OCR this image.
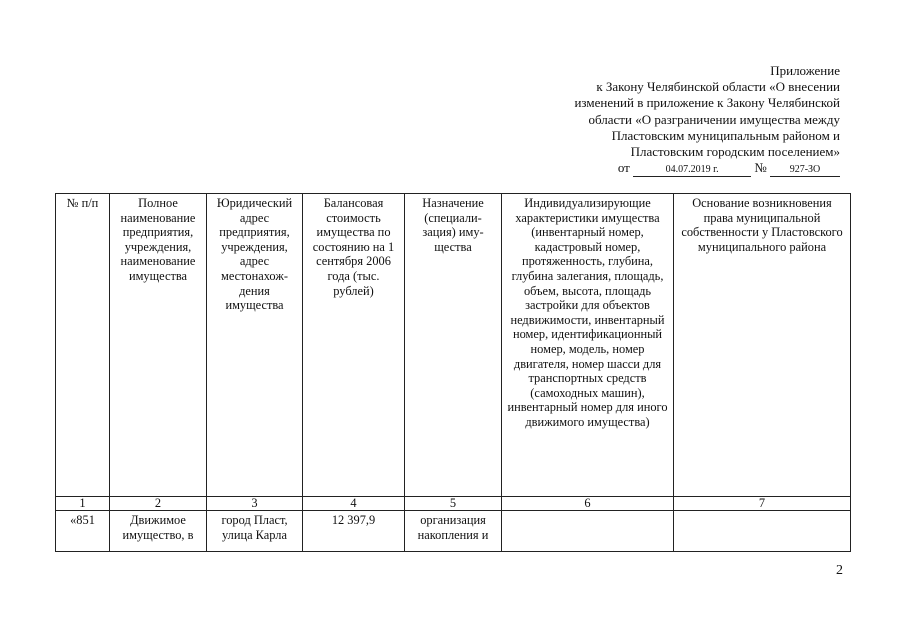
Приложение
к Закону Челябинской области «О внесении
изменений в приложение к Закону Челябинской
области «О разграничении имущества между
Пластовским муниципальным районом и
Пластовским городским поселением»
от	04.07.2019 г.	№ 927-ЗО
№ п/п	Полное наименование предприятия, учреждения, наименование имущества	Юридический адрес предприятия, учреждения, адрес местонахож-дения имущества	Балансовая стоимость имущества по состоянию на 1 сентября 2006 года (тыс. рублей)	Назначение (специали-зация) иму-щества	Индивидуализирующие характеристики имущества (инвентарный номер, кадастровый номер, протяженность, глубина, глубина залегания, площадь, объем, высота, площадь застройки для объектов недвижимости, инвентарный номер, идентификационный номер, модель, номер двигателя, номер шасси для транспортных средств (самоходных машин), инвентарный номер для иного движимого имущества)	Основание возникновения права муниципальной собственности у Пластовского муниципального района
1	2	3	4	5	6	7
«851	Движимое имущество, в	город Пласт, улица Карла	12 397,9	организация накопления и		
2
